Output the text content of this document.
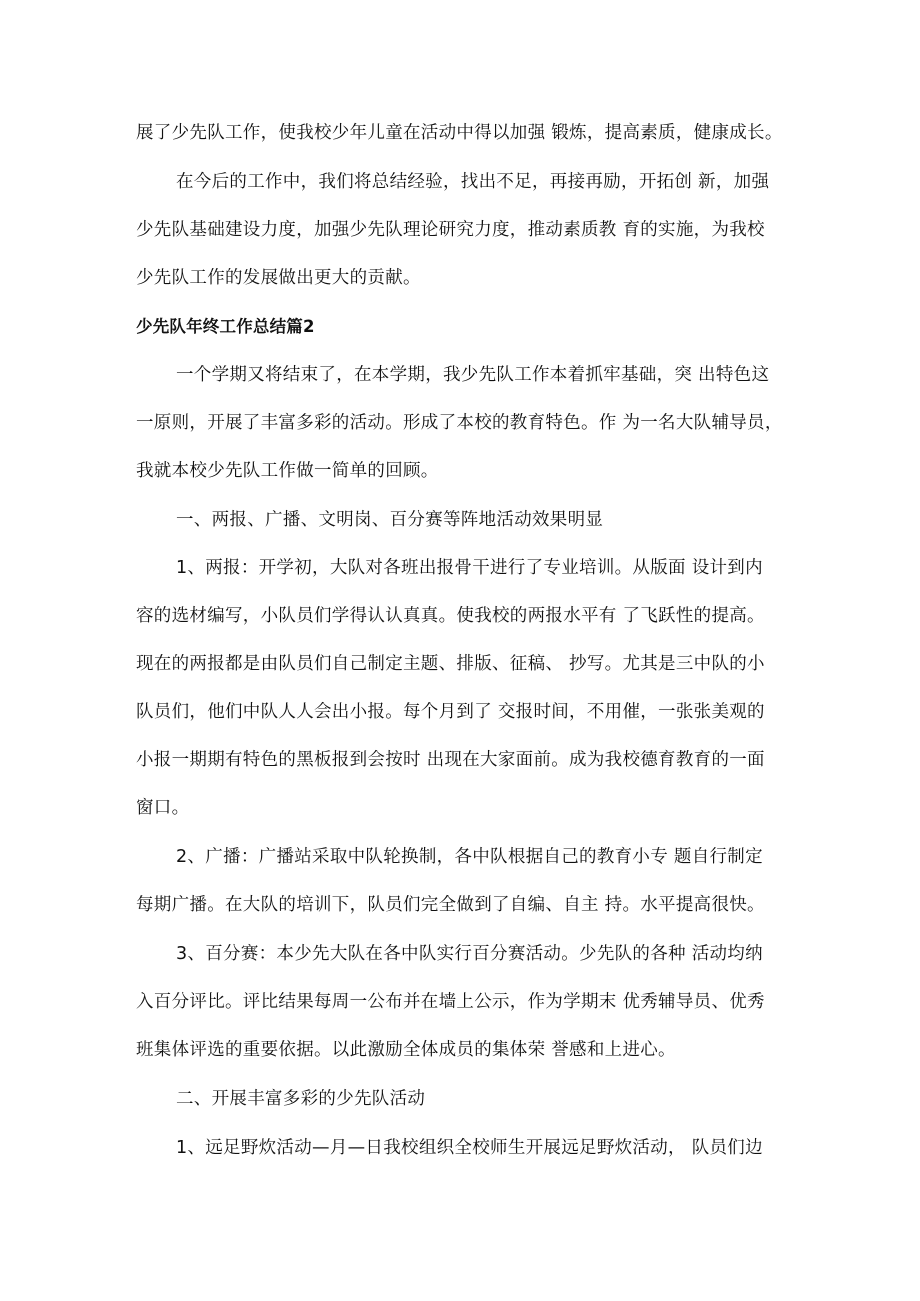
展了少先队工作，使我校少年儿童在活动中得以加强 锻炼，提高素质，健康成长。
在今后的工作中，我们将总结经验，找出不足，再接再励，开拓创 新，加强
少先队基础建设力度，加强少先队理论研究力度，推动素质教 育的实施，为我校
少先队工作的发展做出更大的贡献。
少先队年终工作总结篇2
一个学期又将结束了，在本学期，我少先队工作本着抓牢基础，突 出特色这
一原则，开展了丰富多彩的活动。形成了本校的教育特色。作 为一名大队辅导员，
我就本校少先队工作做一简单的回顾。
一、两报、广播、文明岗、百分赛等阵地活动效果明显
1、两报：开学初，大队对各班出报骨干进行了专业培训。从版面 设计到内
容的选材编写，小队员们学得认认真真。使我校的两报水平有 了飞跃性的提高。
现在的两报都是由队员们自己制定主题、排版、征稿、 抄写。尤其是三中队的小
队员们，他们中队人人会出小报。每个月到了 交报时间，不用催，一张张美观的
小报一期期有特色的黑板报到会按时 出现在大家面前。成为我校德育教育的一面
窗口。
2、广播：广播站采取中队轮换制，各中队根据自己的教育小专 题自行制定
每期广播。在大队的培训下，队员们完全做到了自编、自主 持。水平提高很快。
3、百分赛：本少先大队在各中队实行百分赛活动。少先队的各种 活动均纳
入百分评比。评比结果每周一公布并在墙上公示，作为学期末 优秀辅导员、优秀
班集体评选的重要依据。以此激励全体成员的集体荣 誉感和上进心。
二、开展丰富多彩的少先队活动
1、远足野炊活动—月—日我校组织全校师生开展远足野炊活动， 队员们边
